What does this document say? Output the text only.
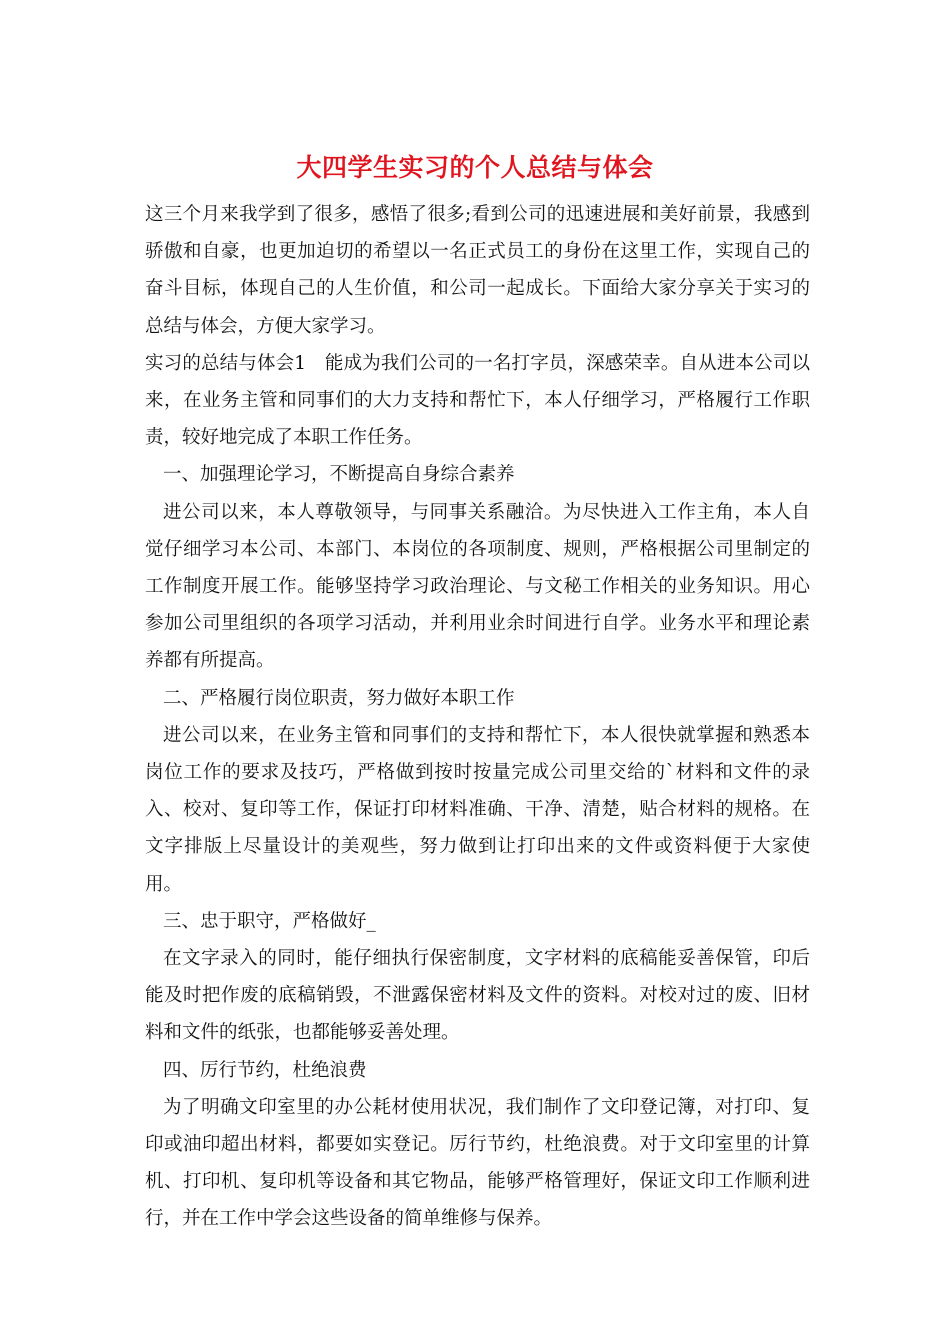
大四学生实习的个人总结与体会

这三个月来我学到了很多，感悟了很多;看到公司的迅速进展和美好前景，我感到骄傲和自豪，也更加迫切的希望以一名正式员工的身份在这里工作，实现自己的奋斗目标，体现自己的人生价值，和公司一起成长。下面给大家分享关于实习的总结与体会，方便大家学习。

实习的总结与体会1　能成为我们公司的一名打字员，深感荣幸。自从进本公司以来，在业务主管和同事们的大力支持和帮忙下，本人仔细学习，严格履行工作职责，较好地完成了本职工作任务。

一、加强理论学习，不断提高自身综合素养

进公司以来，本人尊敬领导，与同事关系融洽。为尽快进入工作主角，本人自觉仔细学习本公司、本部门、本岗位的各项制度、规则，严格根据公司里制定的工作制度开展工作。能够坚持学习政治理论、与文秘工作相关的业务知识。用心参加公司里组织的各项学习活动，并利用业余时间进行自学。业务水平和理论素养都有所提高。

二、严格履行岗位职责，努力做好本职工作

进公司以来，在业务主管和同事们的支持和帮忙下，本人很快就掌握和熟悉本岗位工作的要求及技巧，严格做到按时按量完成公司里交给的`材料和文件的录入、校对、复印等工作，保证打印材料准确、干净、清楚，贴合材料的规格。在文字排版上尽量设计的美观些，努力做到让打印出来的文件或资料便于大家使用。

三、忠于职守，严格做好_

在文字录入的同时，能仔细执行保密制度，文字材料的底稿能妥善保管，印后能及时把作废的底稿销毁，不泄露保密材料及文件的资料。对校对过的废、旧材料和文件的纸张，也都能够妥善处理。

四、厉行节约，杜绝浪费

为了明确文印室里的办公耗材使用状况，我们制作了文印登记簿，对打印、复印或油印超出材料，都要如实登记。厉行节约，杜绝浪费。对于文印室里的计算机、打印机、复印机等设备和其它物品，能够严格管理好，保证文印工作顺利进行，并在工作中学会这些设备的简单维修与保养。
